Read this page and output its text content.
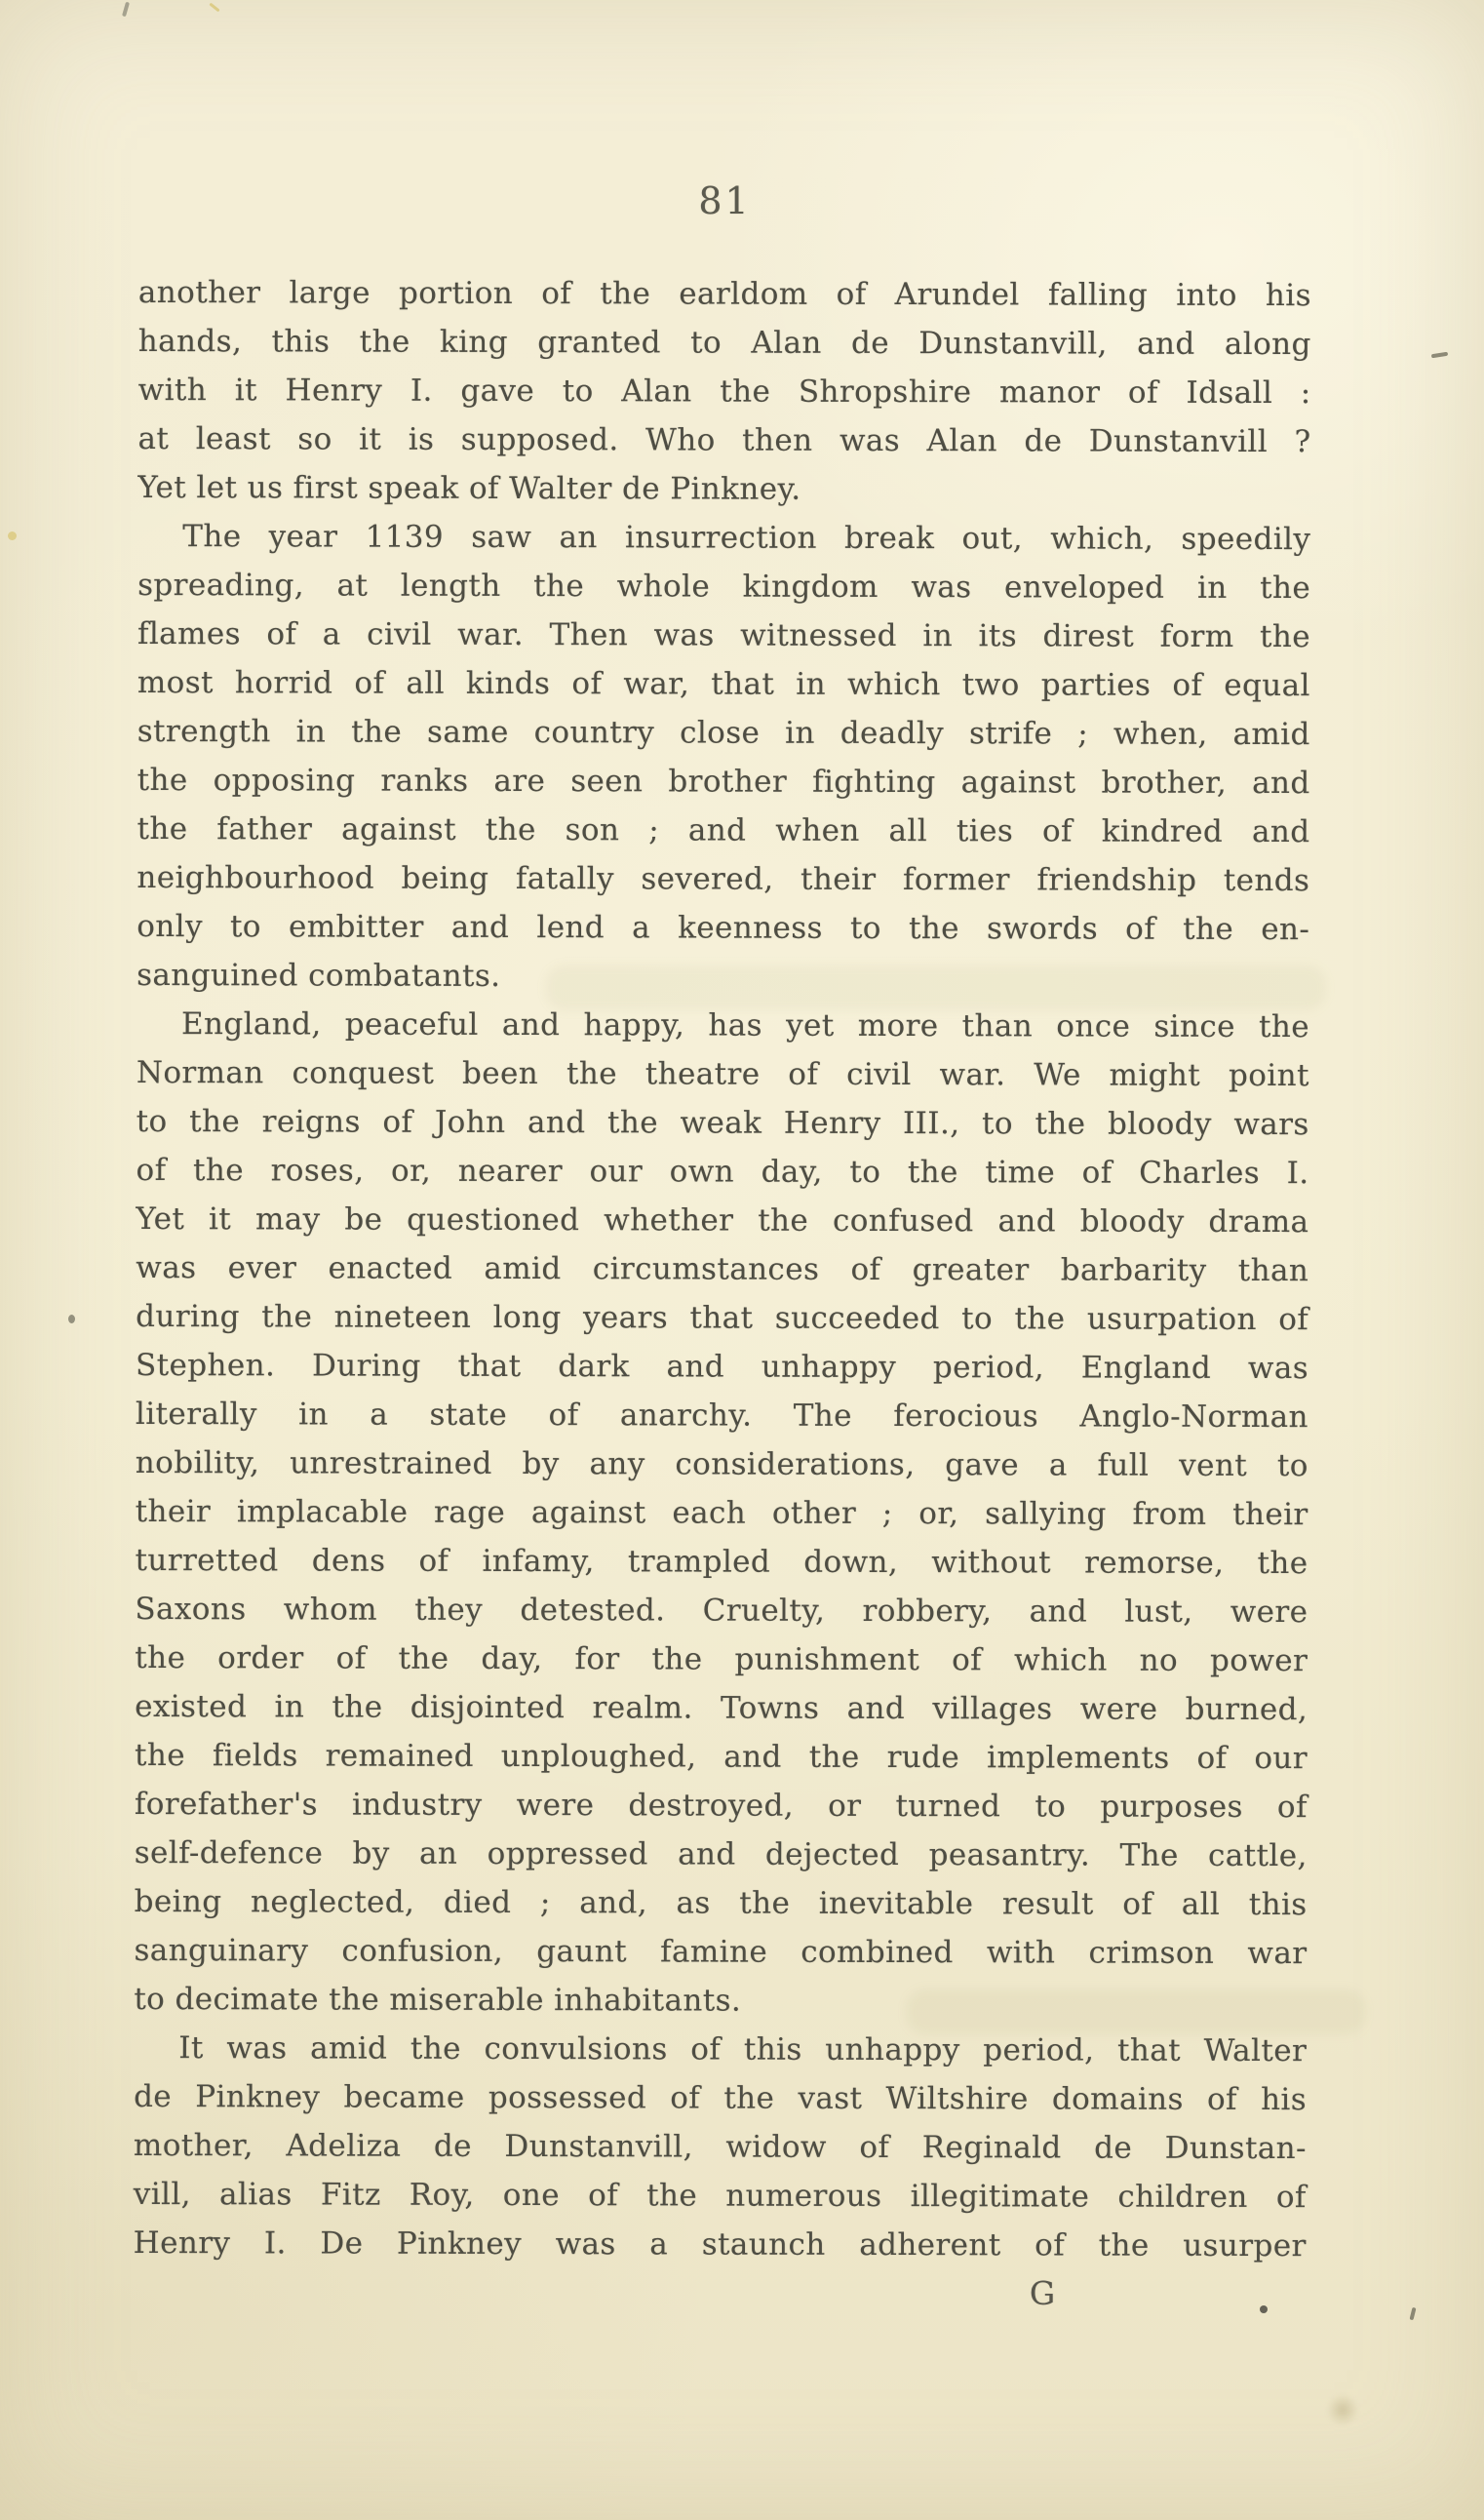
81
another large portion of the earldom of Arundel falling into his
hands, this the king granted to Alan de Dunstanvill, and along
with it Henry I. gave to Alan the Shropshire manor of Idsall :
at least so it is supposed. Who then was Alan de Dunstanvill ?
Yet let us first speak of Walter de Pinkney.
The year 1139 saw an insurrection break out, which, speedily
spreading, at length the whole kingdom was enveloped in the
flames of a civil war. Then was witnessed in its direst form the
most horrid of all kinds of war, that in which two parties of equal
strength in the same country close in deadly strife ; when, amid
the opposing ranks are seen brother fighting against brother, and
the father against the son ; and when all ties of kindred and
neighbourhood being fatally severed, their former friendship tends
only to embitter and lend a keenness to the swords of the en-
sanguined combatants.
England, peaceful and happy, has yet more than once since the
Norman conquest been the theatre of civil war. We might point
to the reigns of John and the weak Henry III., to the bloody wars
of the roses, or, nearer our own day, to the time of Charles I.
Yet it may be questioned whether the confused and bloody drama
was ever enacted amid circumstances of greater barbarity than
during the nineteen long years that succeeded to the usurpation of
Stephen. During that dark and unhappy period, England was
literally in a state of anarchy. The ferocious Anglo-Norman
nobility, unrestrained by any considerations, gave a full vent to
their implacable rage against each other ; or, sallying from their
turretted dens of infamy, trampled down, without remorse, the
Saxons whom they detested. Cruelty, robbery, and lust, were
the order of the day, for the punishment of which no power
existed in the disjointed realm. Towns and villages were burned,
the fields remained unploughed, and the rude implements of our
forefather's industry were destroyed, or turned to purposes of
self-defence by an oppressed and dejected peasantry. The cattle,
being neglected, died ; and, as the inevitable result of all this
sanguinary confusion, gaunt famine combined with crimson war
to decimate the miserable inhabitants.
It was amid the convulsions of this unhappy period, that Walter
de Pinkney became possessed of the vast Wiltshire domains of his
mother, Adeliza de Dunstanvill, widow of Reginald de Dunstan-
vill, alias Fitz Roy, one of the numerous illegitimate children of
Henry I. De Pinkney was a staunch adherent of the usurper
G
